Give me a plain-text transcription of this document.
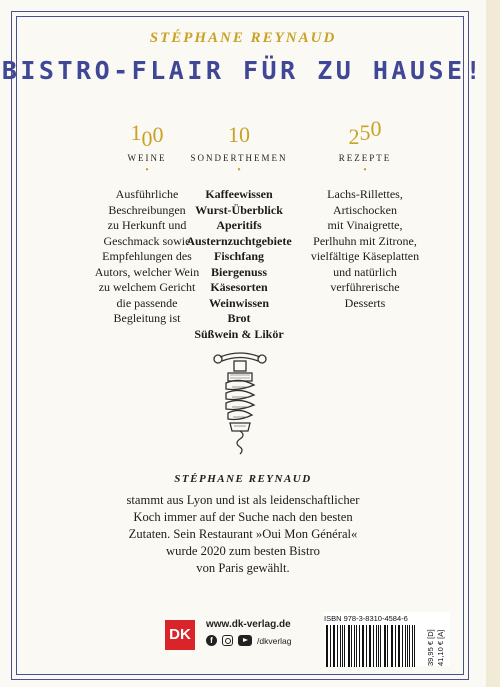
STÉPHANE REYNAUD
BISTRO-FLAIR FÜR ZU HAUSE!
100
WEINE
•
Ausführliche
Beschreibungen
zu Herkunft und
Geschmack sowie
Empfehlungen des
Autors, welcher Wein
zu welchem Gericht
die passende
Begleitung ist
10
SONDERTHEMEN
•
Kaffeewissen
Wurst-Überblick
Aperitifs
Austernzuchtgebiete
Fischfang
Biergenuss
Käsesorten
Weinwissen
Brot
Süßwein & Likör
250
REZEPTE
•
Lachs-Rillettes,
Artischocken
mit Vinaigrette,
Perlhuhn mit Zitrone,
vielfältige Käseplatten
und natürlich
verführerische
Desserts
STÉPHANE REYNAUD
stammt aus Lyon und ist als leidenschaftlicher
Koch immer auf der Suche nach den besten
Zutaten. Sein Restaurant »Oui Mon Général«
wurde 2020 zum besten Bistro
von Paris gewählt.
DK
www.dk-verlag.de
f	/dkverlag
ISBN 978-3-8310-4584-6
39,95 € [D] 41,10 € [A]
